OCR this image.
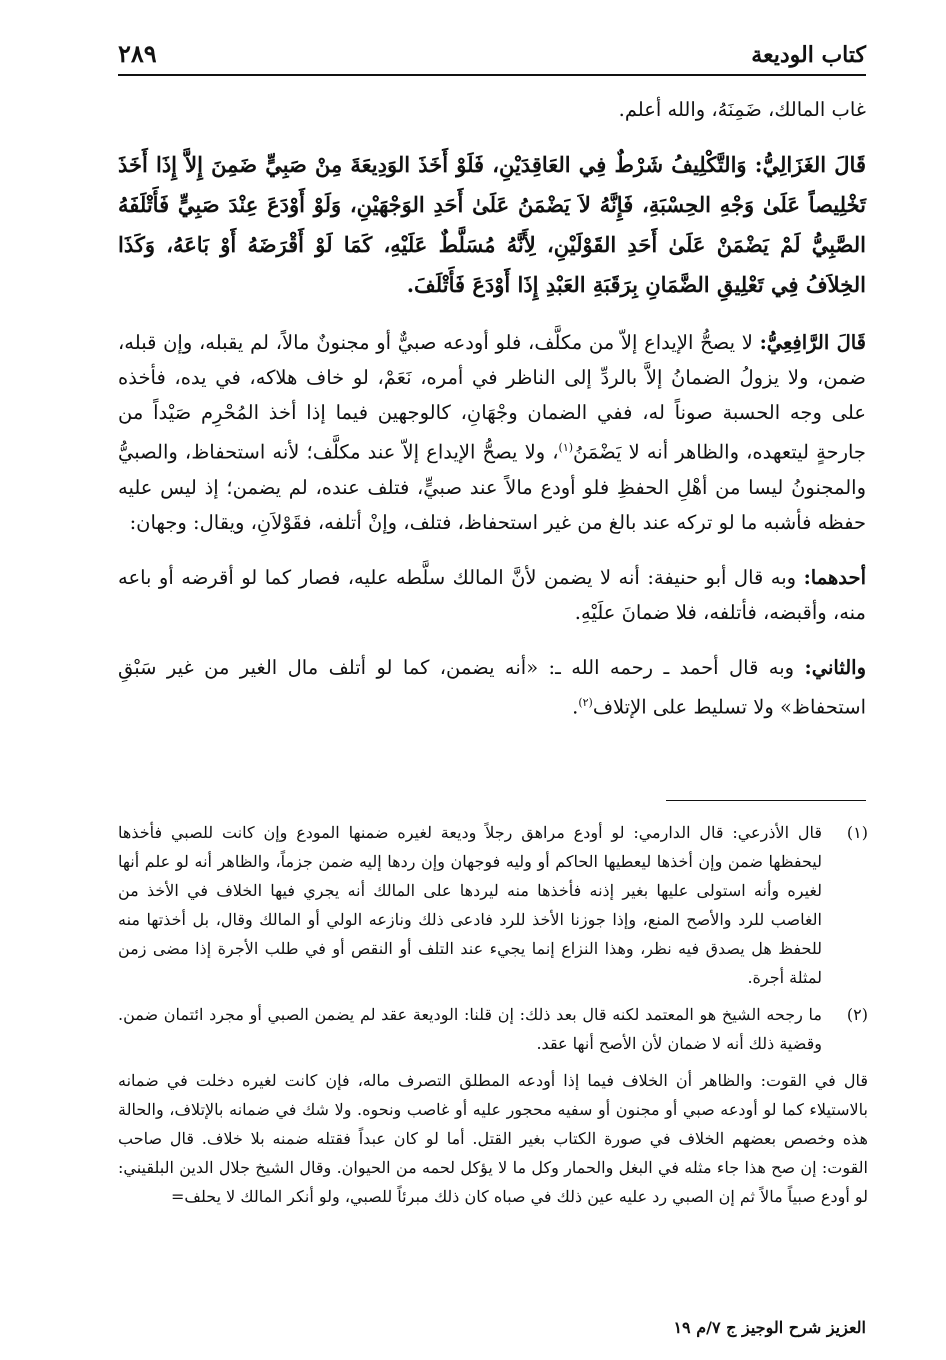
كتاب الوديعة
٢٨٩

غاب المالك، ضَمِنَهُ، والله أعلم.

قَالَ الغَزَالِيُّ: وَالتَّكْلِيفُ شَرْطٌ فِي العَاقِدَيْنِ، فَلَوْ أَخَذَ الوَدِيعَةَ مِنْ صَبِيٍّ ضَمِنَ إِلاَّ إِذَا أَخَذَ تَخْلِيصاً عَلَىٰ وَجْهِ الحِسْبَةِ، فَإِنَّهُ لاَ يَضْمَنُ عَلَىٰ أَحَدِ الوَجْهَيْنِ، وَلَوْ أَوْدَعَ عِنْدَ صَبِيٍّ فَأَتْلَفَهُ الصَّبِيُّ لَمْ يَضْمَنْ عَلَىٰ أَحَدِ القَوْلَيْنِ، لِأَنَّهُ مُسَلَّطٌ عَلَيْهِ، كَمَا لَوْ أَقْرَضَهُ أَوْ بَاعَهُ، وَكَذَا الخِلاَفُ فِي تَعْلِيقِ الضَّمَانِ بِرَقَبَةِ العَبْدِ إِذَا أَوْدَعَ فَأَتْلَفَ.

قَالَ الرَّافِعِيُّ: لا يصحُّ الإيداع إلاّ من مكلَّف، فلو أودعه صبيٌّ أو مجنونٌ مالاً، لم يقبله، وإن قبله، ضمن، ولا يزولُ الضمانُ إلاَّ بالردِّ إلى الناظر في أمره، نَعَمْ، لو خاف هلاكه، في يده، فأخذه على وجه الحسبة صوناً له، ففي الضمان وجْهَانِ، كالوجهين فيما إذا أخذ المُحْرِم صَيْداً من جارحةٍ ليتعهده، والظاهر أنه لا يَضْمَنُ$^{(١)}$، ولا يصحُّ الإيداع إلاّ عند مكلَّف؛ لأنه استحفاظ، والصبيُّ والمجنونُ ليسا من أهْلِ الحفظِ فلو أودع مالاً عند صبيٍّ، فتلف عنده، لم يضمن؛ إذ ليس عليه حفظه فأشبه ما لو تركه عند بالغ من غير استحفاظ، فتلف، وإنْ أتلفه، فقَوْلاَنِ، ويقال: وجهان:

أحدهما: وبه قال أبو حنيفة: أنه لا يضمن لأنَّ المالك سلَّطه عليه، فصار كما لو أقرضه أو باعه منه، وأقبضه، فأتلفه، فلا ضمانَ علَيْهِ.

والثاني: وبه قال أحمد ـ رحمه الله ـ: «أنه يضمن، كما لو أتلف مال الغير من غير سَبْقِ استحفاظ» ولا تسليط على الإتلاف$^{(٢)}$.

(١)
قال الأذرعي: قال الدارمي: لو أودع مراهق رجلاً وديعة لغيره ضمنها المودع وإن كانت للصبي فأخذها ليحفظها ضمن وإن أخذها ليعطيها الحاكم أو وليه فوجهان وإن ردها إليه ضمن جزماً، والظاهر أنه لو علم أنها لغيره وأنه استولى عليها بغير إذنه فأخذها منه ليردها على المالك أنه يجري فيها الخلاف في الأخذ من الغاصب للرد والأصح المنع، وإذا جوزنا الأخذ للرد فادعى ذلك ونازعه الولي أو المالك وقال، بل أخذتها منه للحفظ هل يصدق فيه نظر، وهذا النزاع إنما يجيء عند التلف أو النقص أو في طلب الأجرة إذا مضى زمن لمثلة أجرة.
(٢)
ما رجحه الشيخ هو المعتمد لكنه قال بعد ذلك: إن قلنا: الوديعة عقد لم يضمن الصبي أو مجرد ائتمان ضمن. وقضية ذلك أنه لا ضمان لأن الأصح أنها عقد.
قال في القوت: والظاهر أن الخلاف فيما إذا أودعه المطلق التصرف ماله، فإن كانت لغيره دخلت في ضمانه بالاستيلاء كما لو أودعه صبي أو مجنون أو سفيه محجور عليه أو غاصب ونحوه. ولا شك في ضمانه بالإتلاف، والحالة هذه وخصص بعضهم الخلاف في صورة الكتاب بغير القتل. أما لو كان عبداً فقتله ضمنه بلا خلاف. قال صاحب القوت: إن صح هذا جاء مثله في البغل والحمار وكل ما لا يؤكل لحمه من الحيوان. وقال الشيخ جلال الدين البلقيني: لو أودع صبياً مالاً ثم إن الصبي رد عليه عين ذلك في صباه كان ذلك مبرئاً للصبي، ولو أنكر المالك لا يحلف=
العزيز شرح الوجيز ج ٧/م ١٩
